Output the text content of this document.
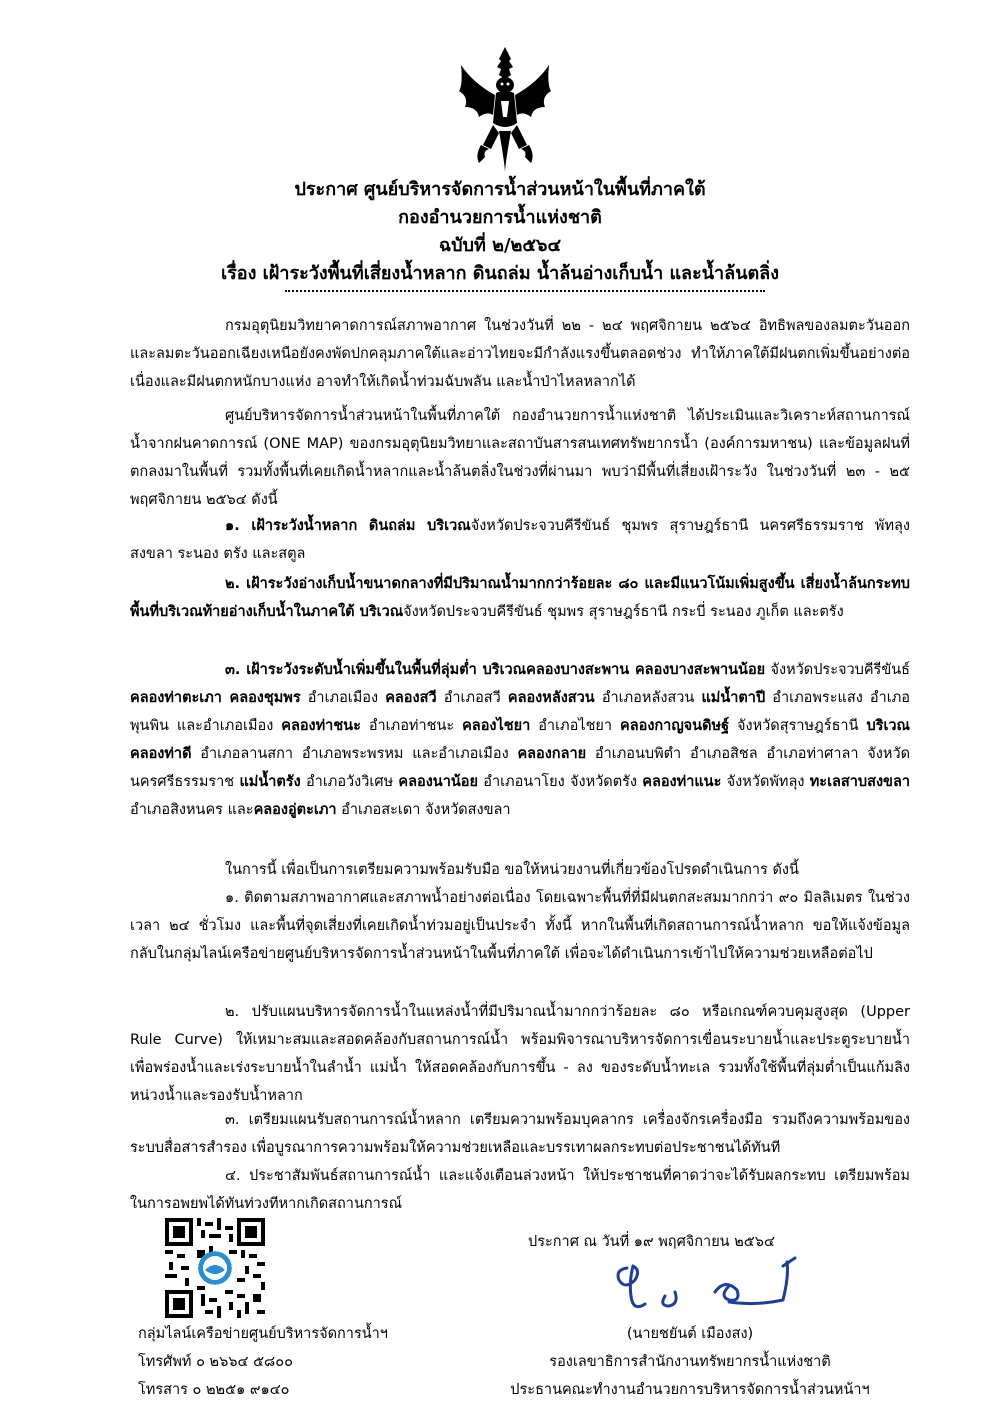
ประกาศ ศูนย์บริหารจัดการน้ำส่วนหน้าในพื้นที่ภาคใต้
กองอำนวยการน้ำแห่งชาติ
ฉบับที่ ๒/๒๕๖๔
เรื่อง เฝ้าระวังพื้นที่เสี่ยงน้ำหลาก ดินถล่ม น้ำล้นอ่างเก็บน้ำ และน้ำล้นตลิ่ง
กรมอุตุนิยมวิทยาคาดการณ์สภาพอากาศ ในช่วงวันที่ ๒๒ - ๒๔ พฤศจิกายน ๒๕๖๔ อิทธิพลของลมตะวันออกและลมตะวันออกเฉียงเหนือยังคงพัดปกคลุมภาคใต้และอ่าวไทยจะมีกำลังแรงขึ้นตลอดช่วง ทำให้ภาคใต้มีฝนตกเพิ่มขึ้นอย่างต่อเนื่องและมีฝนตกหนักบางแห่ง อาจทำให้เกิดน้ำท่วมฉับพลัน และน้ำป่าไหลหลากได้
ศูนย์บริหารจัดการน้ำส่วนหน้าในพื้นที่ภาคใต้ กองอำนวยการน้ำแห่งชาติ ได้ประเมินและวิเคราะห์สถานการณ์น้ำจากฝนคาดการณ์ (ONE MAP) ของกรมอุตุนิยมวิทยาและสถาบันสารสนเทศทรัพยากรน้ำ (องค์การมหาชน) และข้อมูลฝนที่ตกลงมาในพื้นที่ รวมทั้งพื้นที่เคยเกิดน้ำหลากและน้ำล้นตลิ่งในช่วงที่ผ่านมา พบว่ามีพื้นที่เสี่ยงเฝ้าระวัง ในช่วงวันที่ ๒๓ - ๒๕ พฤศจิกายน ๒๕๖๔ ดังนี้
๑. เฝ้าระวังน้ำหลาก ดินถล่ม บริเวณจังหวัดประจวบคีรีขันธ์ ชุมพร สุราษฎร์ธานี นครศรีธรรมราช พัทลุง สงขลา ระนอง ตรัง และสตูล
๒. เฝ้าระวังอ่างเก็บน้ำขนาดกลางที่มีปริมาณน้ำมากกว่าร้อยละ ๘๐ และมีแนวโน้มเพิ่มสูงขึ้น เสี่ยงน้ำล้นกระทบพื้นที่บริเวณท้ายอ่างเก็บน้ำในภาคใต้ บริเวณจังหวัดประจวบคีรีขันธ์ ชุมพร สุราษฎร์ธานี กระบี่ ระนอง ภูเก็ต และตรัง
๓. เฝ้าระวังระดับน้ำเพิ่มขึ้นในพื้นที่ลุ่มต่ำ บริเวณคลองบางสะพาน คลองบางสะพานน้อย จังหวัดประจวบคีรีขันธ์ คลองท่าตะเภา คลองชุมพร อำเภอเมือง คลองสวี อำเภอสวี คลองหลังสวน อำเภอหลังสวน แม่น้ำตาปี อำเภอพระแสง อำเภอพุนพิน และอำเภอเมือง คลองท่าชนะ อำเภอท่าชนะ คลองไชยา อำเภอไชยา คลองกาญจนดิษฐ์ จังหวัดสุราษฎร์ธานี บริเวณคลองท่าดี อำเภอลานสกา อำเภอพระพรหม และอำเภอเมือง คลองกลาย อำเภอนบพิตำ อำเภอสิชล อำเภอท่าศาลา จังหวัดนครศรีธรรมราช แม่น้ำตรัง อำเภอวังวิเศษ คลองนาน้อย อำเภอนาโยง จังหวัดตรัง คลองท่าแนะ จังหวัดพัทลุง ทะเลสาบสงขลา อำเภอสิงหนคร และคลองอู่ตะเภา อำเภอสะเดา จังหวัดสงขลา
ในการนี้ เพื่อเป็นการเตรียมความพร้อมรับมือ ขอให้หน่วยงานที่เกี่ยวข้องโปรดดำเนินการ ดังนี้
๑. ติดตามสภาพอากาศและสภาพน้ำอย่างต่อเนื่อง โดยเฉพาะพื้นที่ที่มีฝนตกสะสมมากกว่า ๙๐ มิลลิเมตร ในช่วงเวลา ๒๔ ชั่วโมง และพื้นที่จุดเสี่ยงที่เคยเกิดน้ำท่วมอยู่เป็นประจำ ทั้งนี้ หากในพื้นที่เกิดสถานการณ์น้ำหลาก ขอให้แจ้งข้อมูลกลับในกลุ่มไลน์เครือข่ายศูนย์บริหารจัดการน้ำส่วนหน้าในพื้นที่ภาคใต้ เพื่อจะได้ดำเนินการเข้าไปให้ความช่วยเหลือต่อไป
๒. ปรับแผนบริหารจัดการน้ำในแหล่งน้ำที่มีปริมาณน้ำมากกว่าร้อยละ ๘๐ หรือเกณฑ์ควบคุมสูงสุด (Upper Rule Curve) ให้เหมาะสมและสอดคล้องกับสถานการณ์น้ำ พร้อมพิจารณาบริหารจัดการเขื่อนระบายน้ำและประตูระบายน้ำ เพื่อพร่องน้ำและเร่งระบายน้ำในลำน้ำ แม่น้ำ ให้สอดคล้องกับการขึ้น - ลง ของระดับน้ำทะเล รวมทั้งใช้พื้นที่ลุ่มต่ำเป็นแก้มลิงหน่วงน้ำและรองรับน้ำหลาก
๓. เตรียมแผนรับสถานการณ์น้ำหลาก เตรียมความพร้อมบุคลากร เครื่องจักรเครื่องมือ รวมถึงความพร้อมของระบบสื่อสารสำรอง เพื่อบูรณาการความพร้อมให้ความช่วยเหลือและบรรเทาผลกระทบต่อประชาชนได้ทันที
๔. ประชาสัมพันธ์สถานการณ์น้ำ และแจ้งเตือนล่วงหน้า ให้ประชาชนที่คาดว่าจะได้รับผลกระทบ เตรียมพร้อมในการอพยพได้ทันท่วงทีหากเกิดสถานการณ์
กลุ่มไลน์เครือข่ายศูนย์บริหารจัดการน้ำฯ
โทรศัพท์ ๐ ๒๖๖๔ ๕๘๐๐
โทรสาร ๐ ๒๒๕๑ ๙๑๔๐
ประกาศ ณ วันที่ ๑๙ พฤศจิกายน ๒๕๖๔
(นายชยันต์ เมืองสง)
รองเลขาธิการสำนักงานทรัพยากรน้ำแห่งชาติ
ประธานคณะทำงานอำนวยการบริหารจัดการน้ำส่วนหน้าฯ
